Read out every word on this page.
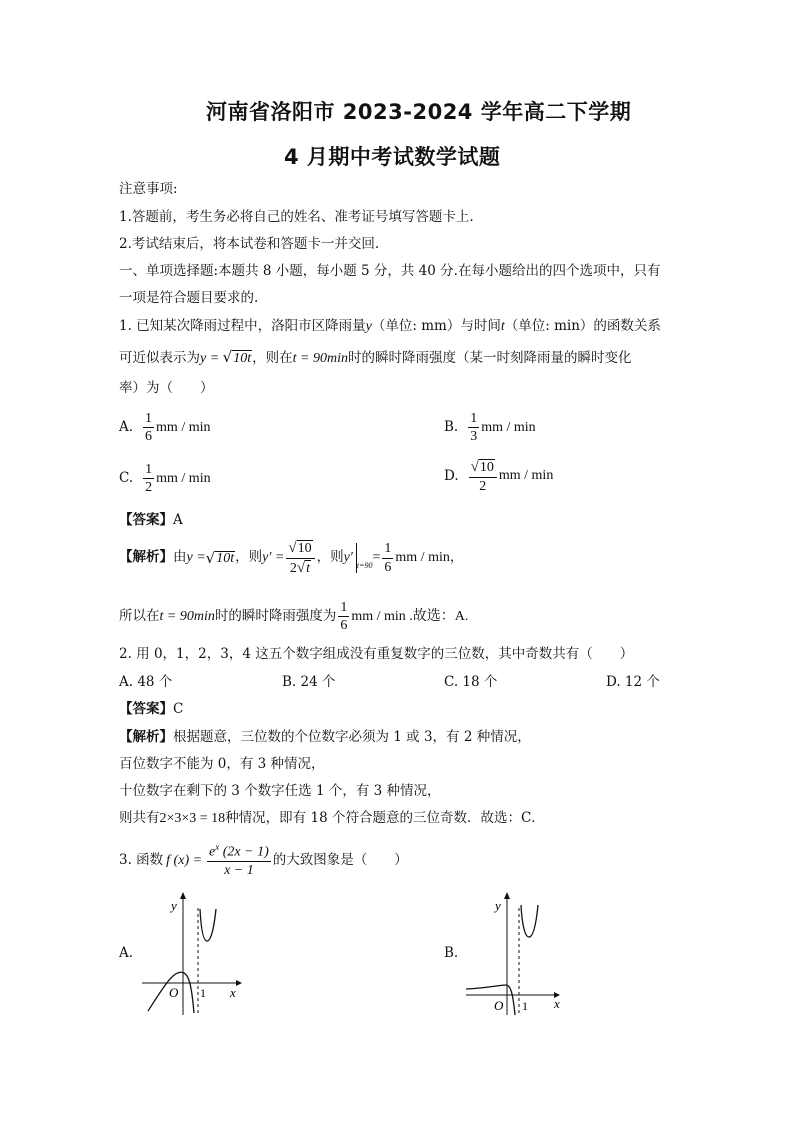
河南省洛阳市 2023-2024 学年高二下学期
4 月期中考试数学试题
注意事项:
1.答题前，考生务必将自己的姓名、准考证号填写答题卡上.
2.考试结束后，将本试卷和答题卡一并交回.
一、单项选择题:本题共 8 小题，每小题 5 分，共 40 分.在每小题给出的四个选项中，只有
一项是符合题目要求的.
1. 已知某次降雨过程中，洛阳市区降雨量y（单位: mm）与时间t（单位: min）的函数关系
可近似表示为y = √10t，则在t = 90min时的瞬时降雨强度（某一时刻降雨量的瞬时变化
率）为（　　）
A. $\frac{1}{6}$ mm / min	B. $\frac{1}{3}$ mm / min
C. $\frac{1}{2}$ mm / min	D. $\frac{√10}{2}$ mm / min
【答案】A
【解析】 由 y = √ 10t ，则 $y' = \frac{√10}{2√t}$ ，则 y′
t=90
= $\frac{1}{6}$ mm / min ，
所以在 t = 90min 时的瞬时降雨强度为 $\frac{1}{6}$ mm / min .故选：A.
2. 用 0，1，2，3，4 这五个数字组成没有重复数字的三位数，其中奇数共有（　　）
A. 48 个	B. 24 个	C. 18 个	D. 12 个
【答案】C
【解析】根据题意，三位数的个位数字必须为 1 或 3，有 2 种情况，
百位数字不能为 0，有 3 种情况，
十位数字在剩下的 3 个数字任选 1 个，有 3 种情况，
则共有2×3×3 = 18种情况，即有 18 个符合题意的三位奇数．故选：C．
3. 函数 f $(x) = \frac{e^x (2x - 1)}{x - 1}$ 的大致图象是（　　）
A.
y
x
O 1
B.
y
x
O 1
